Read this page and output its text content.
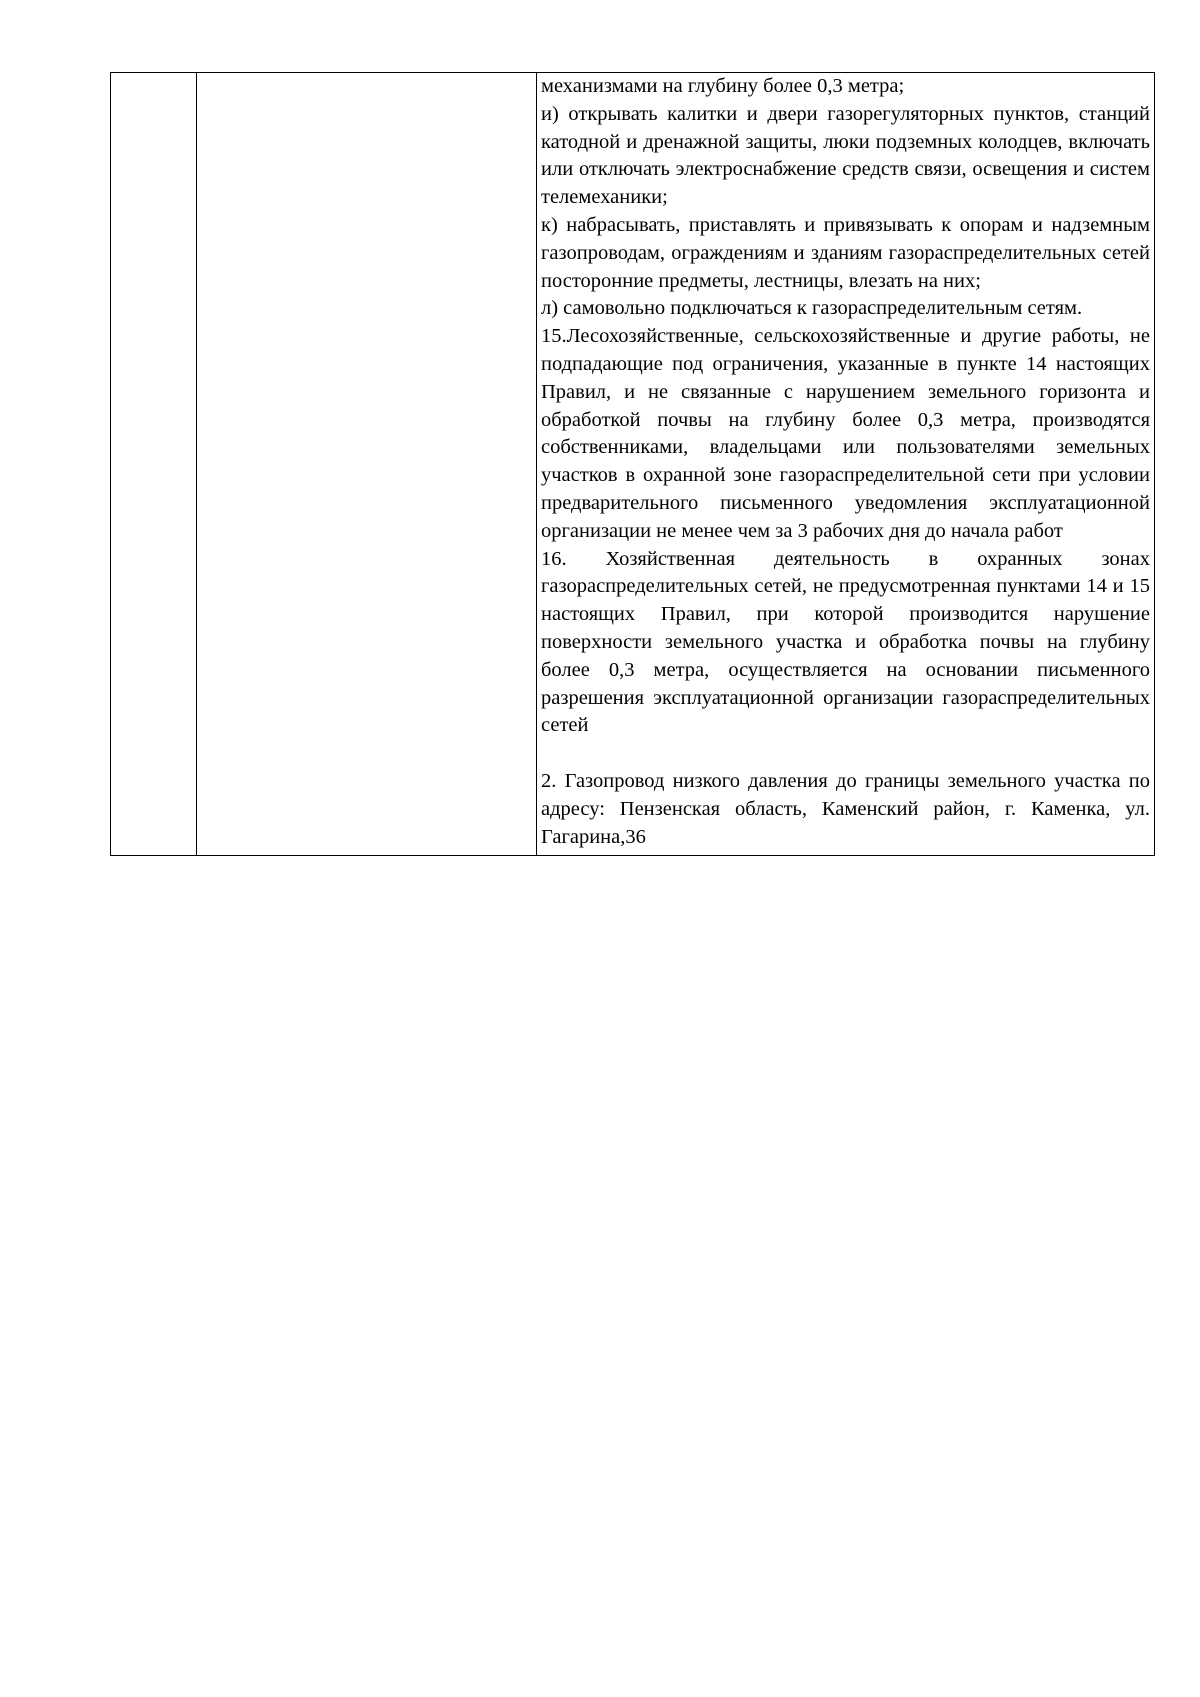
механизмами на глубину более 0,3 метра;

и) открывать калитки и двери газорегуляторных пунктов, станций катодной и дренажной защиты, люки подземных колодцев, включать или отключать электроснабжение средств связи, освещения и систем телемеханики;

к) набрасывать, приставлять и привязывать к опорам и надземным газопроводам, ограждениям и зданиям газораспределительных сетей посторонние предметы, лестницы, влезать на них;

л) самовольно подключаться к газораспределительным сетям.

15.Лесохозяйственные, сельскохозяйственные и другие работы, не подпадающие под ограничения, указанные в пункте 14 настоящих Правил, и не связанные с нарушением земельного горизонта и обработкой почвы на глубину более 0,3 метра, производятся собственниками, владельцами или пользователями земельных участков в охранной зоне газораспределительной сети при условии предварительного письменного уведомления эксплуатационной организации не менее чем за 3 рабочих дня до начала работ

16. Хозяйственная деятельность в охранных зонах газораспределительных сетей, не предусмотренная пунктами 14 и 15 настоящих Правил, при которой производится нарушение поверхности земельного участка и обработка почвы на глубину более 0,3 метра, осуществляется на основании письменного разрешения эксплуатационной организации газораспределительных сетей

2. Газопровод низкого давления до границы земельного участка по адресу: Пензенская область, Каменский район, г. Каменка, ул. Гагарина,36
